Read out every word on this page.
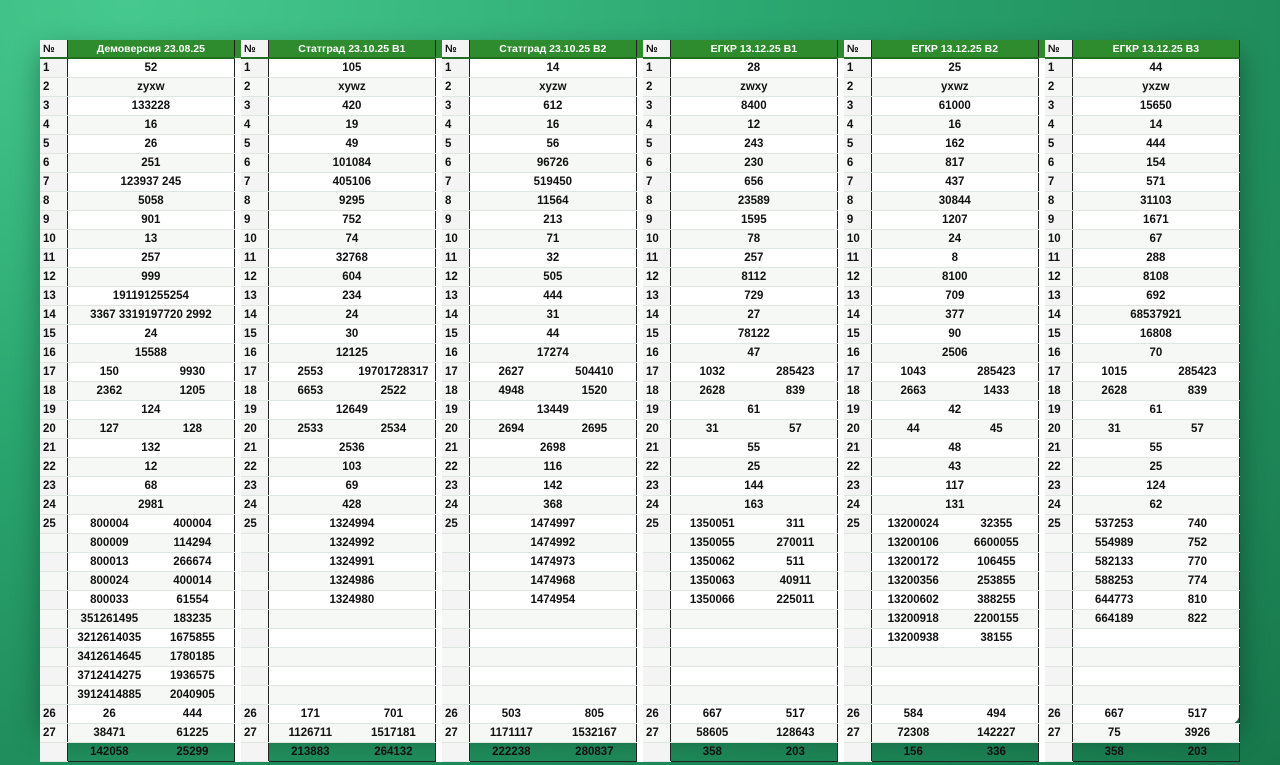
№	Демоверсия 23.08.25			№	Статград 23.10.25 В1			№	Статград 23.10.25 В2			№	ЕГКР 13.12.25 В1			№	ЕГКР 13.12.25 В2			№	ЕГКР 13.12.25 В3	
1	52			1	105			1	14			1	28			1	25			1	44	
2	zyxw			2	xywz			2	xyzw			2	zwxy			2	yxwz			2	yxzw	
3	133228			3	420			3	612			3	8400			3	61000			3	15650	
4	16			4	19			4	16			4	12			4	16			4	14	
5	26			5	49			5	56			5	243			5	162			5	444	
6	251			6	101084			6	96726			6	230			6	817			6	154	
7	123937 245			7	405106			7	519450			7	656			7	437			7	571	
8	5058			8	9295			8	11564			8	23589			8	30844			8	31103	
9	901			9	752			9	213			9	1595			9	1207			9	1671	
10	13			10	74			10	71			10	78			10	24			10	67	
11	257			11	32768			11	32			11	257			11	8			11	288	
12	999			12	604			12	505			12	8112			12	8100			12	8108	
13	191191255254			13	234			13	444			13	729			13	709			13	692	
14	3367 3319197720 2992			14	24			14	31			14	27			14	377			14	68537921	
15	24			15	30			15	44			15	78122			15	90			15	16808	
16	15588			16	12125			16	17274			16	47			16	2506			16	70	
17	150	9930		17	2553	19701728317		17	2627	504410		17	1032	285423		17	1043	285423		17	1015	285423
18	2362	1205		18	6653	2522		18	4948	1520		18	2628	839		18	2663	1433		18	2628	839
19	124			19	12649			19	13449			19	61			19	42			19	61	
20	127	128		20	2533	2534		20	2694	2695		20	31	57		20	44	45		20	31	57
21	132			21	2536			21	2698			21	55			21	48			21	55	
22	12			22	103			22	116			22	25			22	43			22	25	
23	68			23	69			23	142			23	144			23	117			23	124	
24	2981			24	428			24	368			24	163			24	131			24	62	
25	800004	400004		25	1324994			25	1474997			25	1350051	311		25	13200024	32355		25	537253	740
	800009	114294			1324992				1474992				1350055	270011			13200106	6600055			554989	752
	800013	266674			1324991				1474973				1350062	511			13200172	106455			582133	770
	800024	400014			1324986				1474968				1350063	40911			13200356	253855			588253	774
	800033	61554			1324980				1474954				1350066	225011			13200602	388255			644773	810
	351261495	183235															13200918	2200155			664189	822
	3212614035	1675855															13200938	38155				
	3412614645	1780185																				
	3712414275	1936575																				
	3912414885	2040905																				
26	26	444		26	171	701		26	503	805		26	667	517		26	584	494		26	667	517
27	38471	61225		27	1126711	1517181		27	1171117	1532167		27	58605	128643		27	72308	142227		27	75	3926
	142058	25299			213883	264132			222238	280837			358	203			156	336			358	203
